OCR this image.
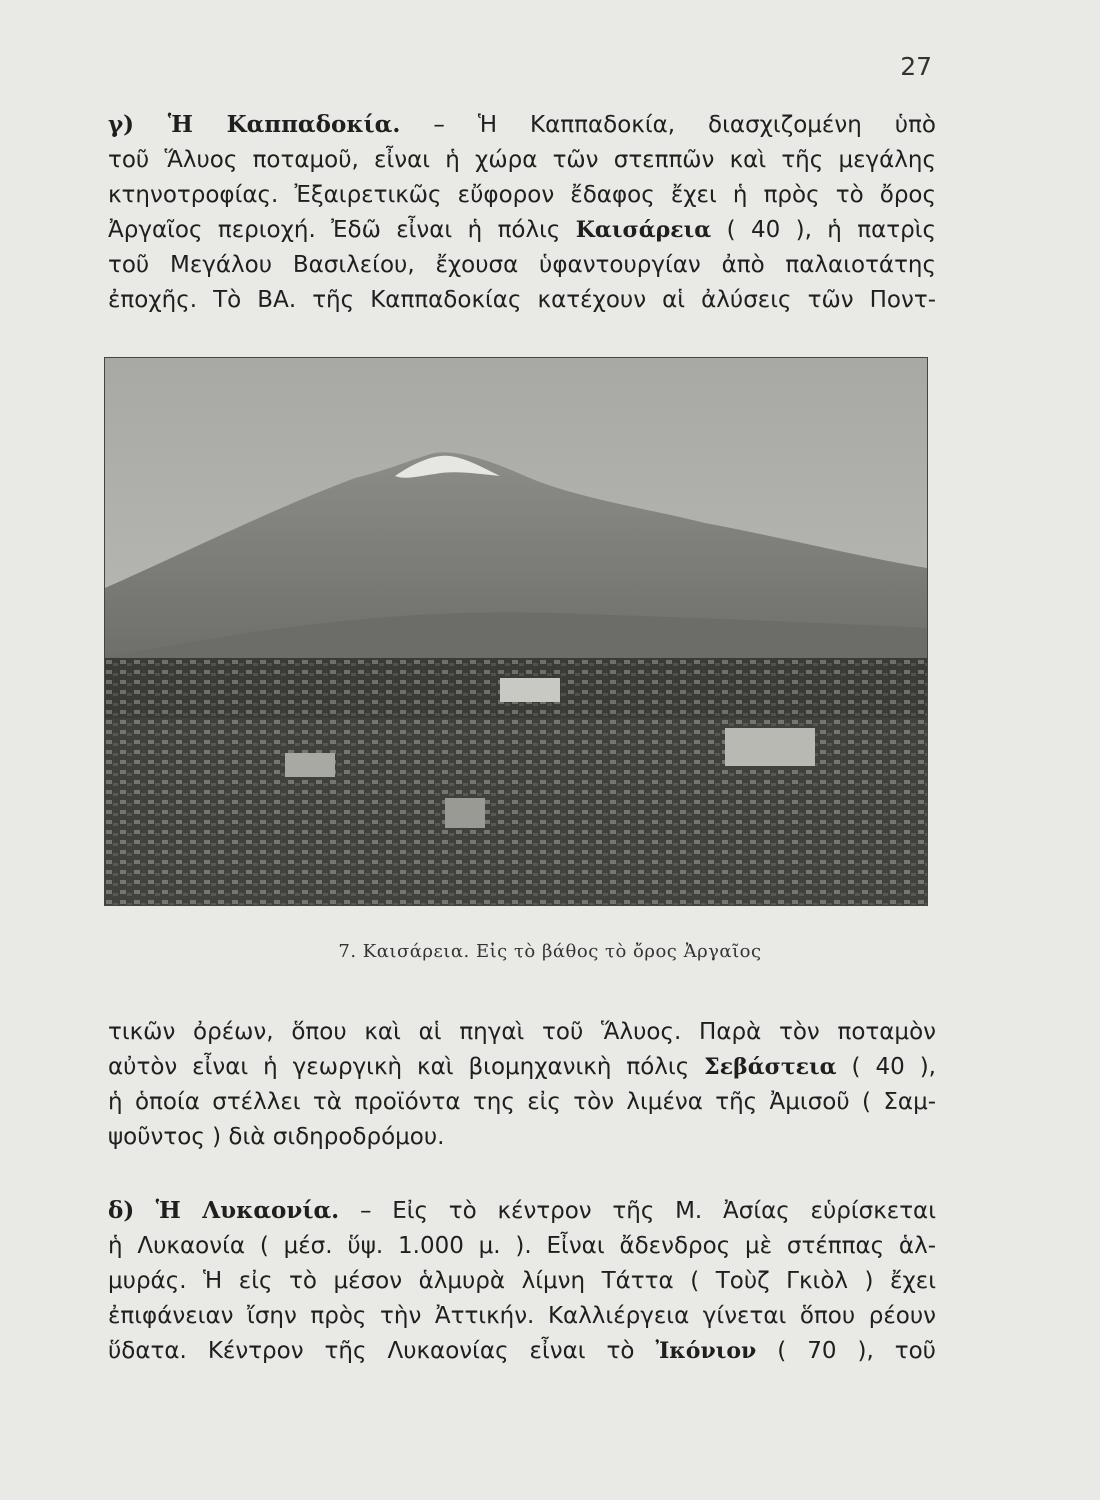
27
γ) Ἡ Καππαδοκία. – Ἡ Καππαδοκία, διασχιζομένη ὑπὸ
τοῦ Ἅλυος ποταμοῦ, εἶναι ἡ χώρα τῶν στεππῶν καὶ τῆς μεγάλης
κτηνοτροφίας. Ἐξαιρετικῶς εὔφορον ἔδαφος ἔχει ἡ πρὸς τὸ ὄρος
Ἀργαῖος περιοχή. Ἐδῶ εἶναι ἡ πόλις Καισάρεια ( 40 ), ἡ πατρὶς
τοῦ Μεγάλου Βασιλείου, ἔχουσα ὑφαντουργίαν ἀπὸ παλαιοτάτης
ἐποχῆς. Τὸ ΒΑ. τῆς Καππαδοκίας κατέχουν αἱ ἀλύσεις τῶν Ποντ-
7. Καισάρεια. Εἰς τὸ βάθος τὸ ὄρος Ἀργαῖος
τικῶν ὀρέων, ὅπου καὶ αἱ πηγαὶ τοῦ Ἅλυος. Παρὰ τὸν ποταμὸν
αὐτὸν εἶναι ἡ γεωργικὴ καὶ βιομηχανικὴ πόλις Σεβάστεια ( 40 ),
ἡ ὁποία στέλλει τὰ προϊόντα της εἰς τὸν λιμένα τῆς Ἀμισοῦ ( Σαμ-
ψοῦντος ) διὰ σιδηροδρόμου.
δ) Ἡ Λυκαονία. – Εἰς τὸ κέντρον τῆς Μ. Ἀσίας εὑρίσκεται
ἡ Λυκαονία ( μέσ. ὕψ. 1.000 μ. ). Εἶναι ἄδενδρος μὲ στέππας ἁλ-
μυράς. Ἡ εἰς τὸ μέσον ἁλμυρὰ λίμνη Τάττα ( Τοὺζ Γκιὸλ ) ἔχει
ἐπιφάνειαν ἴσην πρὸς τὴν Ἀττικήν. Καλλιέργεια γίνεται ὅπου ρέουν
ὕδατα. Κέντρον τῆς Λυκαονίας εἶναι τὸ Ἰκόνιον ( 70 ), τοῦ
